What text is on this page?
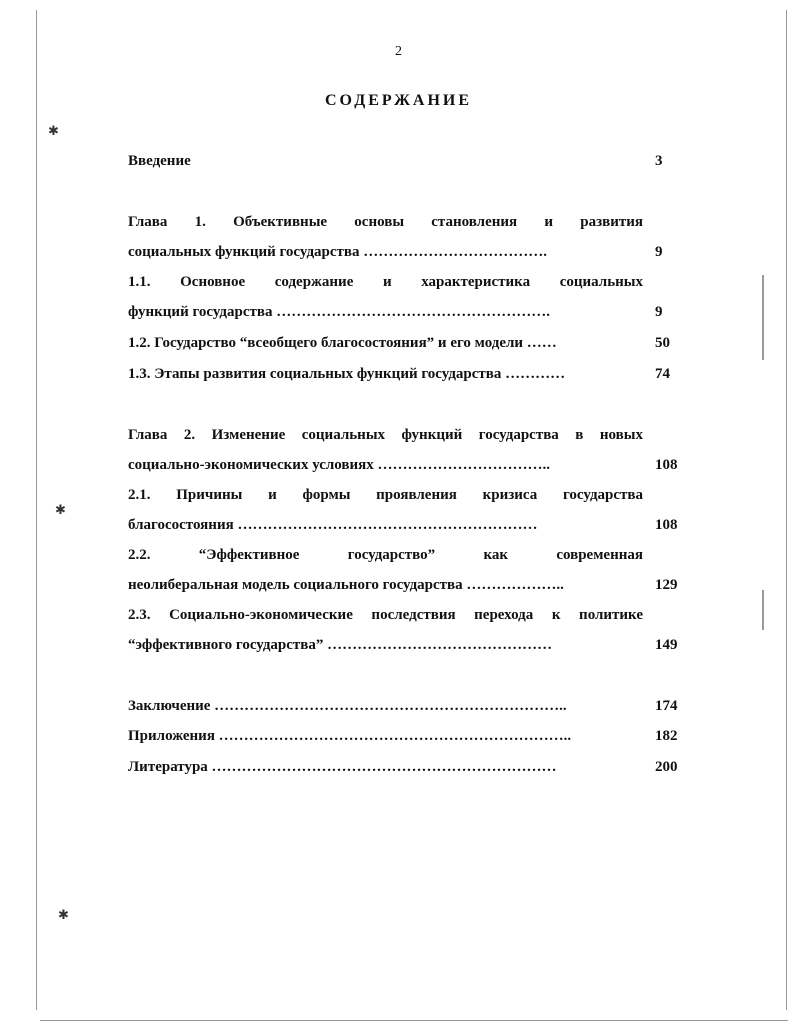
✱
✱
✱
2
СОДЕРЖАНИЕ
Введение	3
Глава 1. Объективные основы становления и развития
социальных функций государства ……………………………….	9
1.1. Основное содержание и характеристика социальных
функций государства ……………………………………………….	9
1.2. Государство “всеобщего благосостояния” и его модели ……	50
1.3. Этапы развития социальных функций государства …………	74
Глава 2. Изменение социальных функций государства в новых
социально-экономических условиях ……………………………..	108
2.1. Причины и формы проявления кризиса государства
благосостояния ……………………………………………………	108
2.2. “Эффективное государство” как современная
неолиберальная модель социального государства ………………..	129
2.3. Социально-экономические последствия перехода к политике
“эффективного государства” ………………………………………	149
Заключение ……………………………………………………………..	174
Приложения ……………………………………………………………..	182
Литература ……………………………………………………………	200
